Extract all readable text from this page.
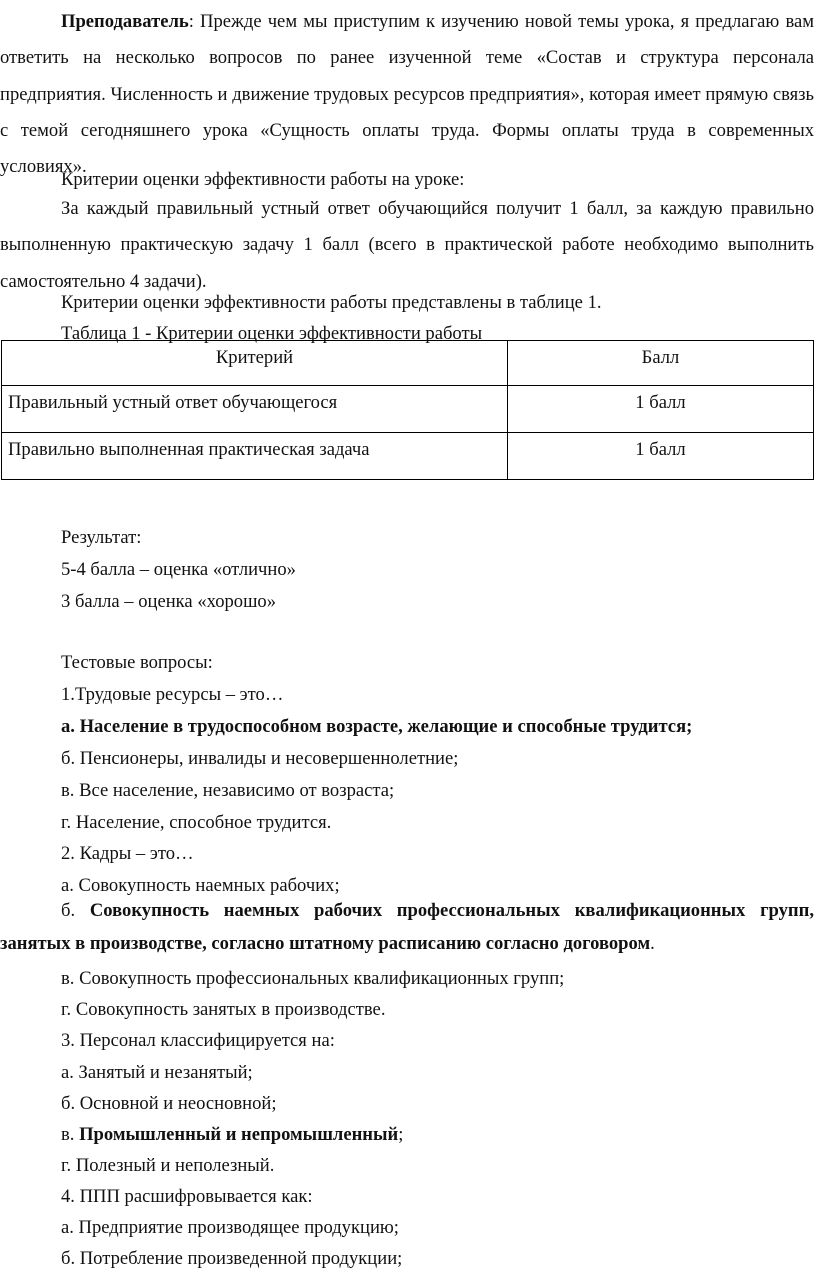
Преподаватель: Прежде чем мы приступим к изучению новой темы урока, я предлагаю вам ответить на несколько вопросов по ранее изученной теме «Состав и структура персонала предприятия. Численность и движение трудовых ресурсов предприятия», которая имеет прямую связь с темой сегодняшнего урока «Сущность оплаты труда. Формы оплаты труда в современных условиях».

Критерии оценки эффективности работы на уроке:

За каждый правильный устный ответ обучающийся получит 1 балл, за каждую правильно выполненную практическую задачу 1 балл (всего в практической работе необходимо выполнить самостоятельно 4 задачи).

Критерии оценки эффективности работы представлены в таблице 1.

Таблица 1 - Критерии оценки эффективности работы

Критерий	Балл
Правильный устный ответ обучающегося	1 балл
Правильно выполненная практическая задача	1 балл

Результат:

5-4 балла – оценка «отлично»

3 балла – оценка «хорошо»

Тестовые вопросы:

1.Трудовые ресурсы – это…

а. Население в трудоспособном возрасте, желающие и способные трудится;

б. Пенсионеры, инвалиды и несовершеннолетние;

в. Все население, независимо от возраста;

г. Население, способное трудится.

2. Кадры – это…

а. Совокупность наемных рабочих;

б. Совокупность наемных рабочих профессиональных квалификационных групп, занятых в производстве, согласно штатному расписанию согласно договором.

в. Совокупность профессиональных квалификационных групп;

г. Совокупность занятых в производстве.

3. Персонал классифицируется на:

а. Занятый и незанятый;

б. Основной и неосновной;

в. Промышленный и непромышленный;

г. Полезный и неполезный.

4. ППП расшифровывается как:

а. Предприятие производящее продукцию;

б. Потребление произведенной продукции;
